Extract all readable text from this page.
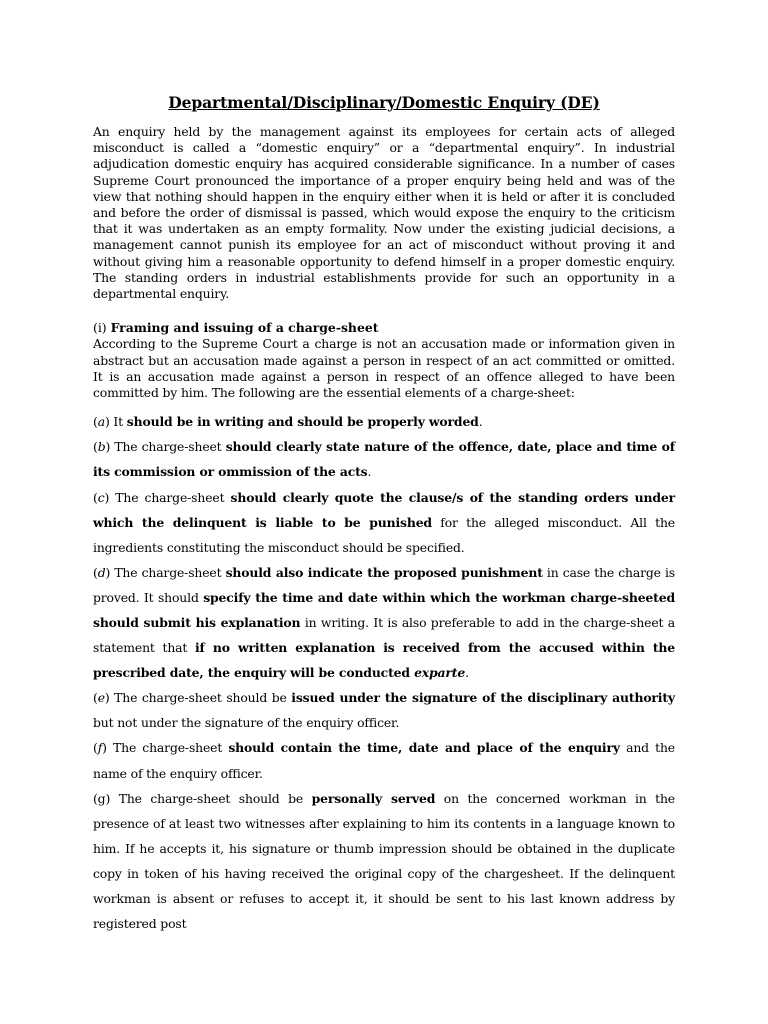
Departmental/Disciplinary/Domestic Enquiry (DE)

An enquiry held by the management against its employees for certain acts of alleged misconduct is called a “domestic enquiry” or a “departmental enquiry”. In industrial adjudication domestic enquiry has acquired considerable significance. In a number of cases Supreme Court pronounced the importance of a proper enquiry being held and was of the view that nothing should happen in the enquiry either when it is held or after it is concluded and before the order of dismissal is passed, which would expose the enquiry to the criticism that it was undertaken as an empty formality. Now under the existing judicial decisions, a management cannot punish its employee for an act of misconduct without proving it and without giving him a reasonable opportunity to defend himself in a proper domestic enquiry. The standing orders in industrial establishments provide for such an opportunity in a departmental enquiry.

(i) Framing and issuing of a charge-sheet

According to the Supreme Court a charge is not an accusation made or information given in abstract but an accusation made against a person in respect of an act committed or omitted. It is an accusation made against a person in respect of an offence alleged to have been committed by him. The following are the essential elements of a charge-sheet:

(a) It should be in writing and should be properly worded.

(b) The charge-sheet should clearly state nature of the offence, date, place and time of its commission or ommission of the acts.

(c) The charge-sheet should clearly quote the clause/s of the standing orders under which the delinquent is liable to be punished for the alleged misconduct. All the ingredients constituting the misconduct should be specified.

(d) The charge-sheet should also indicate the proposed punishment in case the charge is proved. It should specify the time and date within which the workman charge-sheeted should submit his explanation in writing. It is also preferable to add in the charge-sheet a statement that if no written explanation is received from the accused within the prescribed date, the enquiry will be conducted exparte.

(e) The charge-sheet should be issued under the signature of the disciplinary authority but not under the signature of the enquiry officer.

(f) The charge-sheet should contain the time, date and place of the enquiry and the name of the enquiry officer.

(g) The charge-sheet should be personally served on the concerned workman in the presence of at least two witnesses after explaining to him its contents in a language known to him. If he accepts it, his signature or thumb impression should be obtained in the duplicate copy in token of his having received the original copy of the chargesheet. If the delinquent workman is absent or refuses to accept it, it should be sent to his last known address by registered post
